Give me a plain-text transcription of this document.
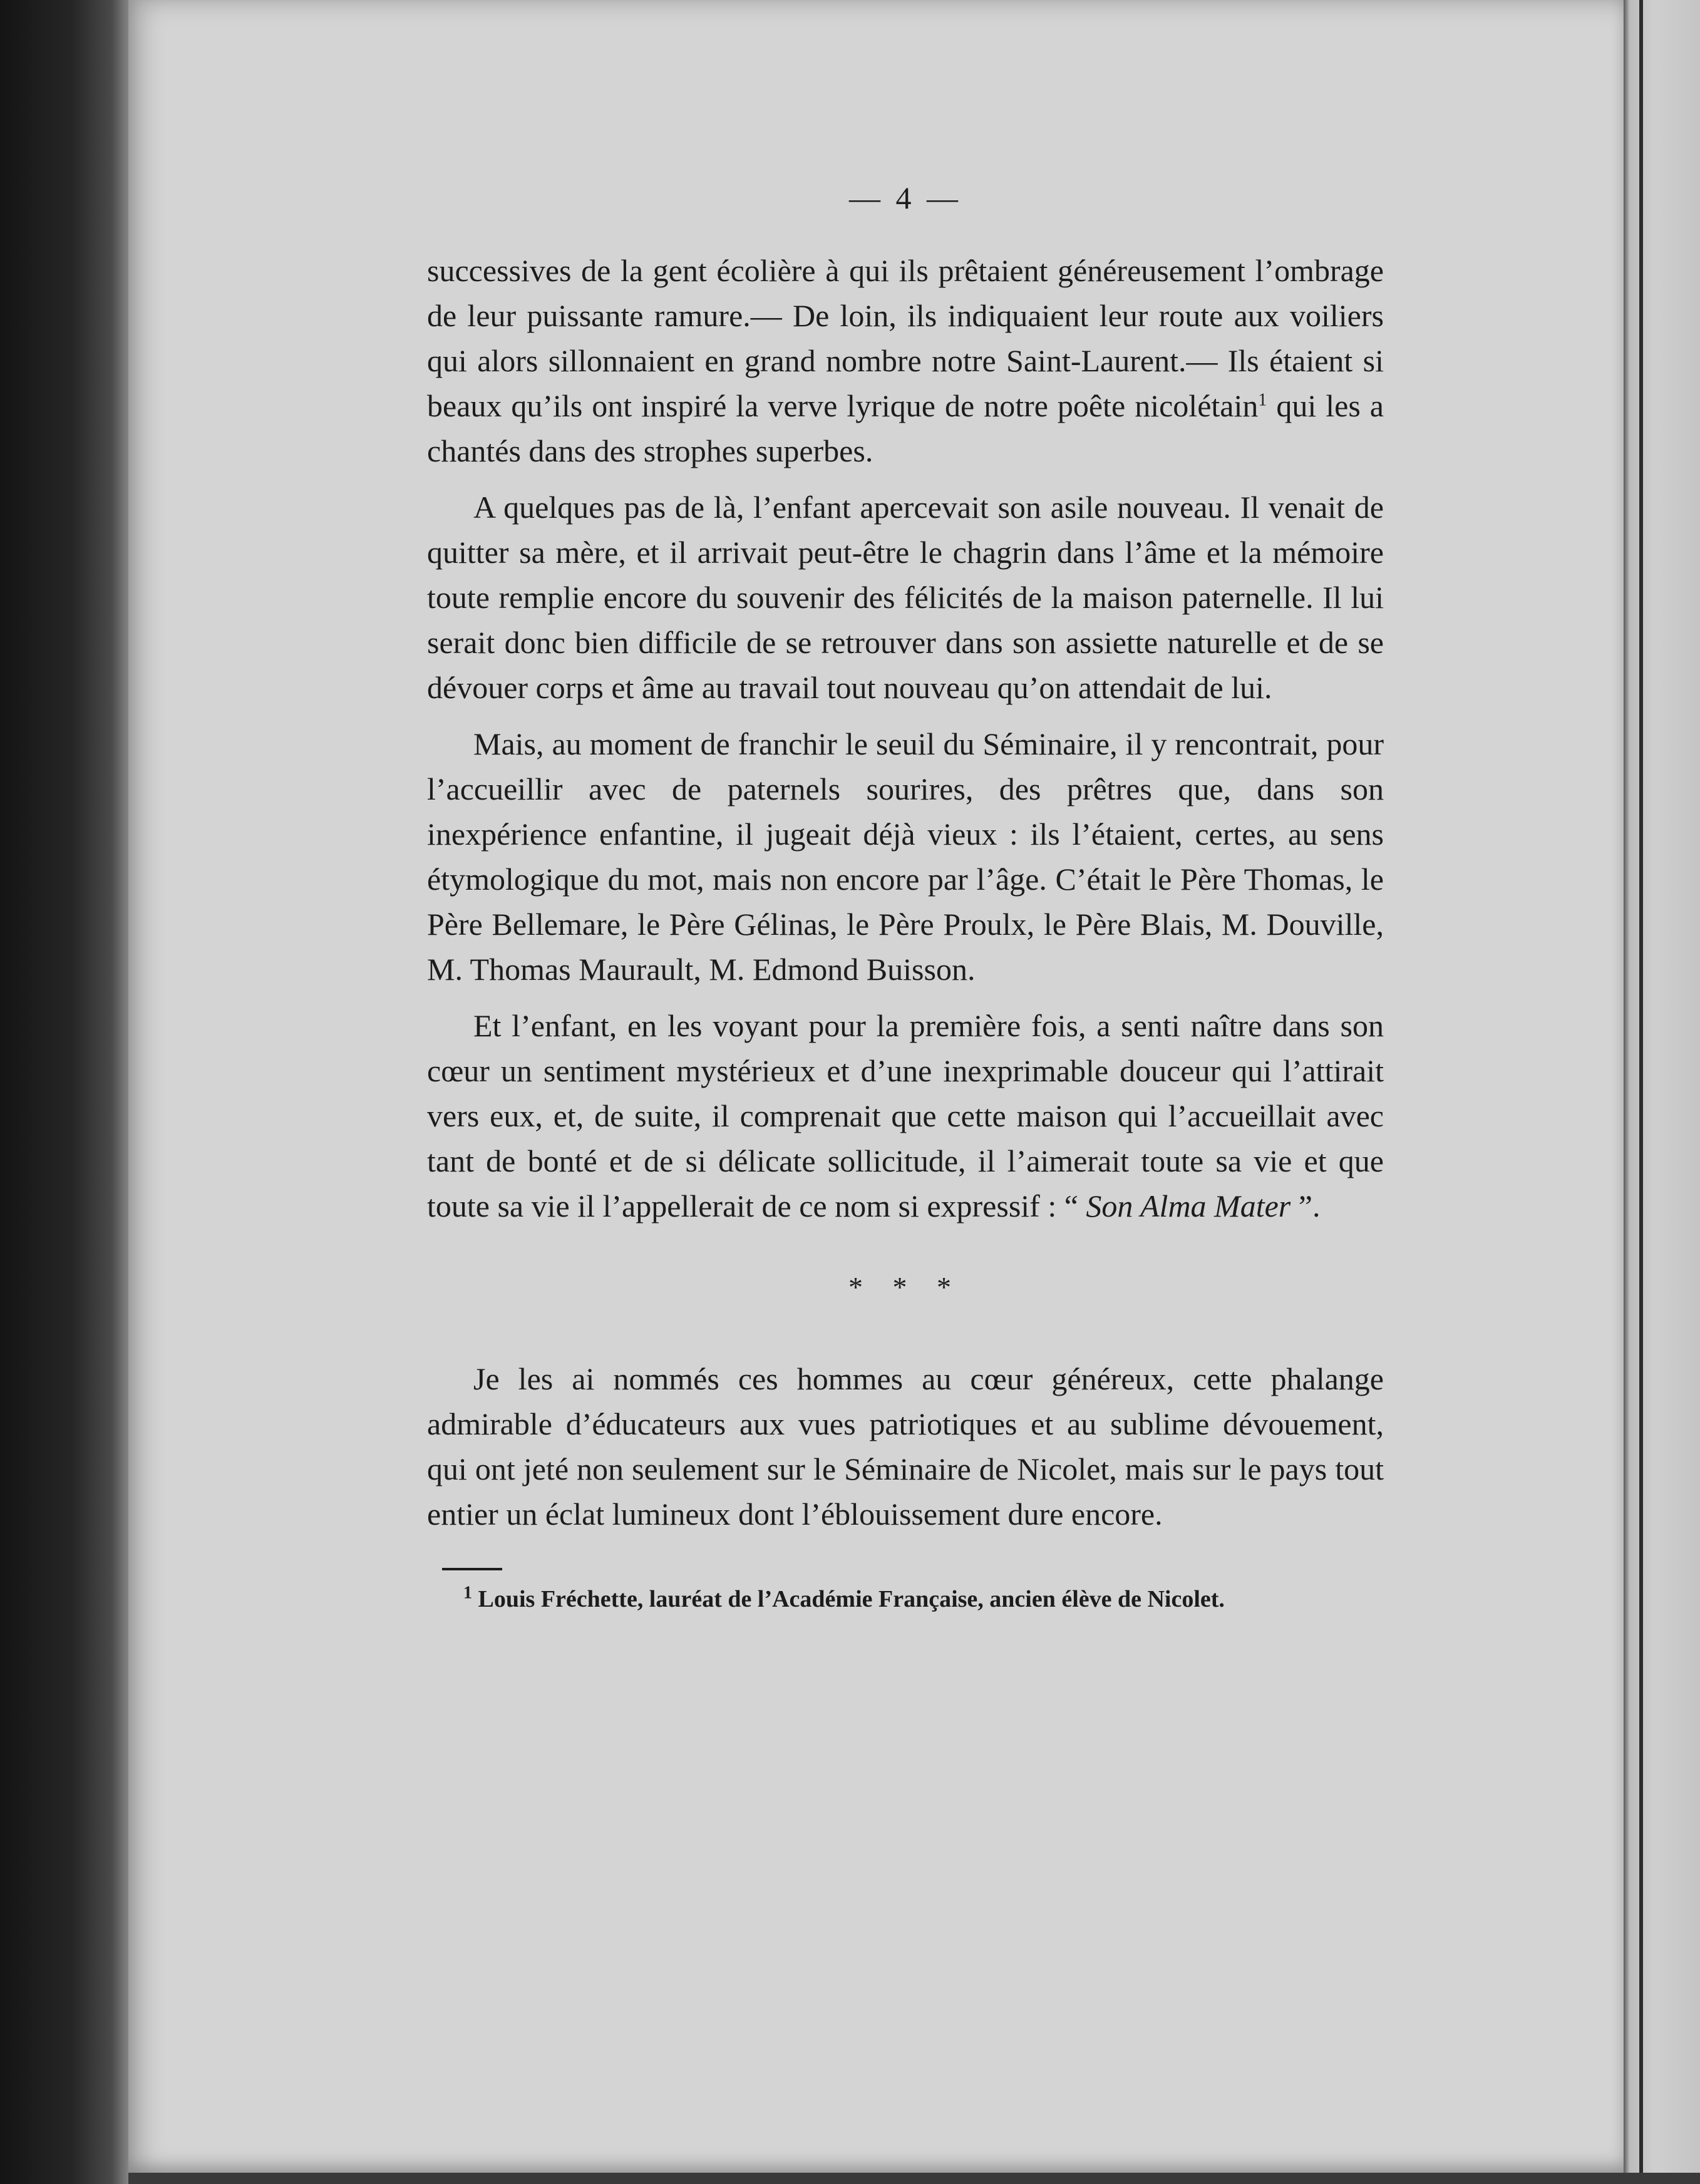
— 4 —

successives de la gent écolière à qui ils prêtaient généreusement l’ombrage de leur puissante ramure.— De loin, ils indiquaient leur route aux voiliers qui alors sillonnaient en grand nombre notre Saint-Laurent.— Ils étaient si beaux qu’ils ont inspiré la verve lyrique de notre poête nicolétain$^1$ qui les a chantés dans des strophes superbes.

A quelques pas de là, l’enfant apercevait son asile nouveau. Il venait de quitter sa mère, et il arrivait peut-être le chagrin dans l’âme et la mémoire toute remplie encore du souvenir des félicités de la maison paternelle. Il lui serait donc bien difficile de se retrouver dans son assiette naturelle et de se dévouer corps et âme au travail tout nouveau qu’on attendait de lui.

Mais, au moment de franchir le seuil du Séminaire, il y rencontrait, pour l’accueillir avec de paternels sourires, des prêtres que, dans son inexpérience enfantine, il jugeait déjà vieux : ils l’étaient, certes, au sens étymologique du mot, mais non encore par l’âge. C’était le Père Thomas, le Père Bellemare, le Père Gélinas, le Père Proulx, le Père Blais, M. Douville, M. Thomas Maurault, M. Edmond Buisson.

Et l’enfant, en les voyant pour la première fois, a senti naître dans son cœur un sentiment mystérieux et d’une inexprimable douceur qui l’attirait vers eux, et, de suite, il comprenait que cette maison qui l’accueillait avec tant de bonté et de si délicate sollicitude, il l’aimerait toute sa vie et que toute sa vie il l’appellerait de ce nom si expressif : “ Son Alma Mater ”.

* * *

Je les ai nommés ces hommes au cœur généreux, cette phalange admirable d’éducateurs aux vues patriotiques et au sublime dévouement, qui ont jeté non seulement sur le Séminaire de Nicolet, mais sur le pays tout entier un éclat lumineux dont l’éblouissement dure encore.

$^1$ Louis Fréchette, lauréat de l’Académie Française, ancien élève de Nicolet.
